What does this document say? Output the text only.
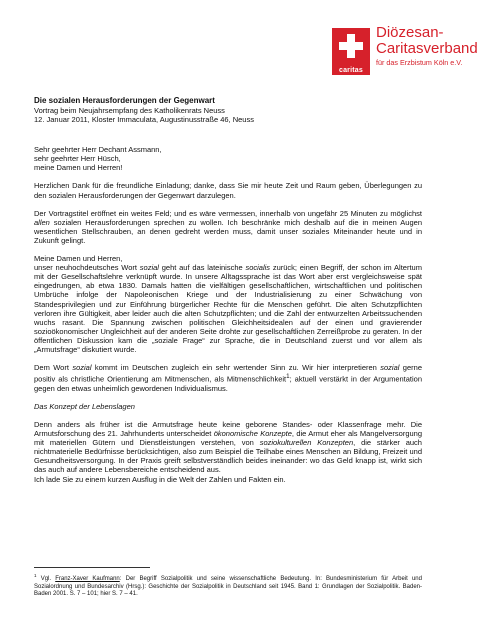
caritas
Diözesan-
Caritasverband
für das Erzbistum Köln e.V.

Die sozialen Herausforderungen der Gegenwart

Vortrag beim Neujahrsempfang des Katholikenrats Neuss

12. Januar 2011, Kloster Immaculata, Augustinusstraße 46, Neuss

Sehr geehrter Herr Dechant Assmann,

sehr geehrter Herr Hüsch,

meine Damen und Herren!

Herzlichen Dank für die freundliche Einladung; danke, dass Sie mir heute Zeit und Raum geben, Überlegungen zu den sozialen Herausforderungen der Gegenwart darzulegen.

Der Vortragstitel eröffnet ein weites Feld; und es wäre vermessen, innerhalb von ungefähr 25 Minuten zu möglichst allen sozialen Herausforderungen sprechen zu wollen. Ich beschränke mich deshalb auf die in meinen Augen wesentlichen Stellschrauben, an denen gedreht werden muss, damit unser soziales Miteinander heute und in Zukunft gelingt.

Meine Damen und Herren,

unser neuhochdeutsches Wort sozial geht auf das lateinische socialis zurück; einen Begriff, der schon im Altertum mit der Gesellschaftslehre verknüpft wurde. In unsere Alltagssprache ist das Wort aber erst vergleichsweise spät eingedrungen, ab etwa 1830. Damals hatten die vielfältigen gesellschaftlichen, wirtschaftlichen und politischen Umbrüche infolge der Napoleonischen Kriege und der Industrialisierung zu einer Schwächung von Standesprivilegien und zur Einführung bürgerlicher Rechte für die Menschen geführt. Die alten Schutzpflichten verloren ihre Gültigkeit, aber leider auch die alten Schutzpflichten; und die Zahl der entwurzelten Arbeitssuchenden wuchs rasant. Die Spannung zwischen politischen Gleichheitsidealen auf der einen und gravierender sozioökonomischer Ungleichheit auf der anderen Seite drohte zur gesellschaftlichen Zerreißprobe zu geraten. In der öffentlichen Diskussion kam die „soziale Frage“ zur Sprache, die in Deutschland zuerst und vor allem als „Armutsfrage“ diskutiert wurde.

Dem Wort sozial kommt im Deutschen zugleich ein sehr wertender Sinn zu. Wir hier interpretieren sozial gerne positiv als christliche Orientierung am Mitmenschen, als Mitmenschlichkeit$^1$; aktuell verstärkt in der Argumentation gegen den etwas unheimlich gewordenen Individualismus.

Das Konzept der Lebenslagen

Denn anders als früher ist die Armutsfrage heute keine geborene Standes- oder Klassenfrage mehr. Die Armutsforschung des 21. Jahrhunderts unterscheidet ökonomische Konzepte, die Armut eher als Mangelversorgung mit materiellen Gütern und Dienstleistungen verstehen, von soziokulturellen Konzepten, die stärker auch nichtmaterielle Bedürfnisse berücksichtigen, also zum Beispiel die Teilhabe eines Menschen an Bildung, Freizeit und Gesundheitsversorgung. In der Praxis greift selbstverständlich beides ineinander: wo das Geld knapp ist, wirkt sich das auch auf andere Lebensbereiche entscheidend aus.

Ich lade Sie zu einem kurzen Ausflug in die Welt der Zahlen und Fakten ein.

$^1$ Vgl. Franz-Xaver Kaufmann: Der Begriff Sozialpolitik und seine wissenschaftliche Bedeutung. In: Bundesministerium für Arbeit und Sozialordnung und Bundesarchiv (Hrsg.): Geschichte der Sozialpolitik in Deutschland seit 1945. Band 1: Grundlagen der Sozialpolitik. Baden-Baden 2001. S. 7 – 101; hier S. 7 – 41.
